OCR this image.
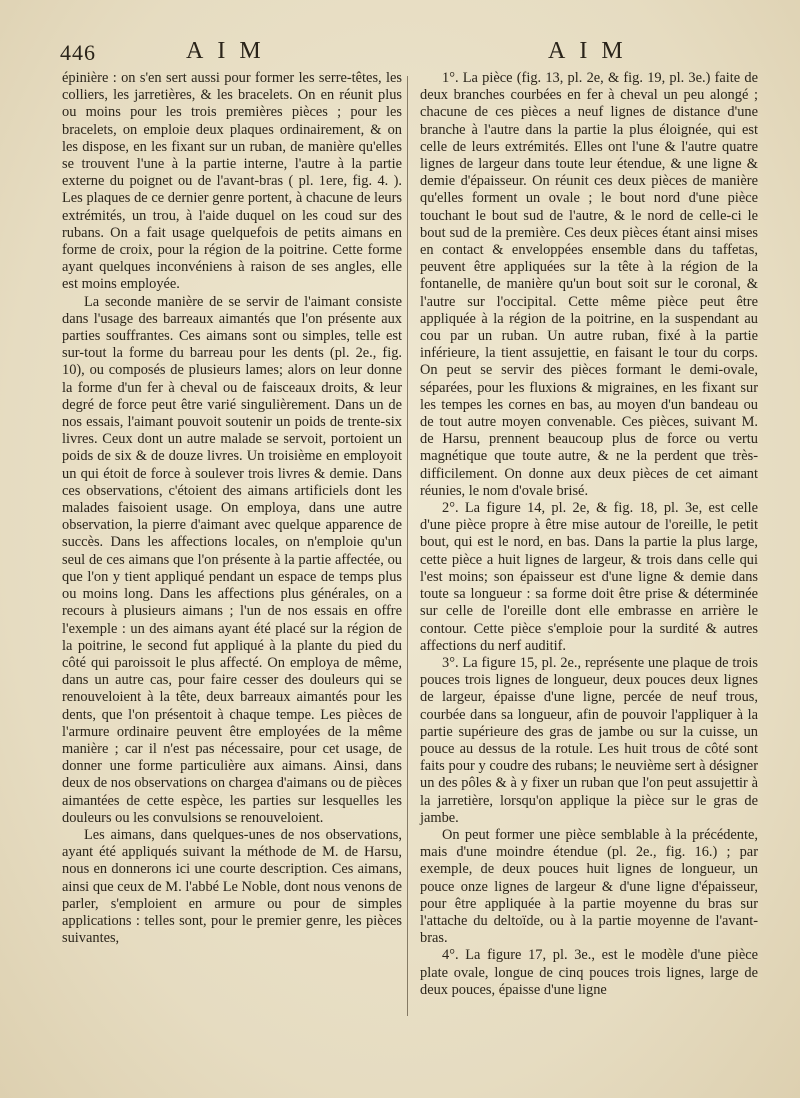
446	AIM	AIM

épinière : on s'en sert aussi pour former les serre-têtes, les colliers, les jarretières, & les bracelets. On en réunit plus ou moins pour les trois premières pièces ; pour les bracelets, on emploie deux plaques ordinairement, & on les dispose, en les fixant sur un ruban, de manière qu'elles se trouvent l'une à la partie interne, l'autre à la partie externe du poignet ou de l'avant-bras ( pl. 1ere, fig. 4. ). Les plaques de ce dernier genre portent, à chacune de leurs extrémités, un trou, à l'aide duquel on les coud sur des rubans. On a fait usage quelquefois de petits aimans en forme de croix, pour la région de la poitrine. Cette forme ayant quelques inconvéniens à raison de ses angles, elle est moins employée.

La seconde manière de se servir de l'aimant consiste dans l'usage des barreaux aimantés que l'on présente aux parties souffrantes. Ces aimans sont ou simples, telle est sur-tout la forme du barreau pour les dents (pl. 2e., fig. 10), ou composés de plusieurs lames; alors on leur donne la forme d'un fer à cheval ou de faisceaux droits, & leur degré de force peut être varié singulièrement. Dans un de nos essais, l'aimant pouvoit soutenir un poids de trente-six livres. Ceux dont un autre malade se servoit, portoient un poids de six & de douze livres. Un troisième en employoit un qui étoit de force à soulever trois livres & demie. Dans ces observations, c'étoient des aimans artificiels dont les malades faisoient usage. On employa, dans une autre observation, la pierre d'aimant avec quelque apparence de succès. Dans les affections locales, on n'emploie qu'un seul de ces aimans que l'on présente à la partie affectée, ou que l'on y tient appliqué pendant un espace de temps plus ou moins long. Dans les affections plus générales, on a recours à plusieurs aimans ; l'un de nos essais en offre l'exemple : un des aimans ayant été placé sur la région de la poitrine, le second fut appliqué à la plante du pied du côté qui paroissoit le plus affecté. On employa de même, dans un autre cas, pour faire cesser des douleurs qui se renouveloient à la tête, deux barreaux aimantés pour les dents, que l'on présentoit à chaque tempe. Les pièces de l'armure ordinaire peuvent être employées de la même manière ; car il n'est pas nécessaire, pour cet usage, de donner une forme particulière aux aimans. Ainsi, dans deux de nos observations on chargea d'aimans ou de pièces aimantées de cette espèce, les parties sur lesquelles les douleurs ou les convulsions se renouveloient.

Les aimans, dans quelques-unes de nos observations, ayant été appliqués suivant la méthode de M. de Harsu, nous en donnerons ici une courte description. Ces aimans, ainsi que ceux de M. l'abbé Le Noble, dont nous venons de parler, s'emploient en armure ou pour de simples applications : telles sont, pour le premier genre, les pièces suivantes,

1°. La pièce (fig. 13, pl. 2e, & fig. 19, pl. 3e.) faite de deux branches courbées en fer à cheval un peu alongé ; chacune de ces pièces a neuf lignes de distance d'une branche à l'autre dans la partie la plus éloignée, qui est celle de leurs extrémités. Elles ont l'une & l'autre quatre lignes de largeur dans toute leur étendue, & une ligne & demie d'épaisseur. On réunit ces deux pièces de manière qu'elles forment un ovale ; le bout nord d'une pièce touchant le bout sud de l'autre, & le nord de celle-ci le bout sud de la première. Ces deux pièces étant ainsi mises en contact & enveloppées ensemble dans du taffetas, peuvent être appliquées sur la tête à la région de la fontanelle, de manière qu'un bout soit sur le coronal, & l'autre sur l'occipital. Cette même pièce peut être appliquée à la région de la poitrine, en la suspendant au cou par un ruban. Un autre ruban, fixé à la partie inférieure, la tient assujettie, en faisant le tour du corps. On peut se servir des pièces formant le demi-ovale, séparées, pour les fluxions & migraines, en les fixant sur les tempes les cornes en bas, au moyen d'un bandeau ou de tout autre moyen convenable. Ces pièces, suivant M. de Harsu, prennent beaucoup plus de force ou vertu magnétique que toute autre, & ne la perdent que très-difficilement. On donne aux deux pièces de cet aimant réunies, le nom d'ovale brisé.

2°. La figure 14, pl. 2e, & fig. 18, pl. 3e, est celle d'une pièce propre à être mise autour de l'oreille, le petit bout, qui est le nord, en bas. Dans la partie la plus large, cette pièce a huit lignes de largeur, & trois dans celle qui l'est moins; son épaisseur est d'une ligne & demie dans toute sa longueur : sa forme doit être prise & déterminée sur celle de l'oreille dont elle embrasse en arrière le contour. Cette pièce s'emploie pour la surdité & autres affections du nerf auditif.

3°. La figure 15, pl. 2e., représente une plaque de trois pouces trois lignes de longueur, deux pouces deux lignes de largeur, épaisse d'une ligne, percée de neuf trous, courbée dans sa longueur, afin de pouvoir l'appliquer à la partie supérieure des gras de jambe ou sur la cuisse, un pouce au dessus de la rotule. Les huit trous de côté sont faits pour y coudre des rubans; le neuvième sert à désigner un des pôles & à y fixer un ruban que l'on peut assujettir à la jarretière, lorsqu'on applique la pièce sur le gras de jambe.

On peut former une pièce semblable à la précédente, mais d'une moindre étendue (pl. 2e., fig. 16.) ; par exemple, de deux pouces huit lignes de longueur, un pouce onze lignes de largeur & d'une ligne d'épaisseur, pour être appliquée à la partie moyenne du bras sur l'attache du deltoïde, ou à la partie moyenne de l'avant-bras.

4°. La figure 17, pl. 3e., est le modèle d'une pièce plate ovale, longue de cinq pouces trois lignes, large de deux pouces, épaisse d'une ligne
